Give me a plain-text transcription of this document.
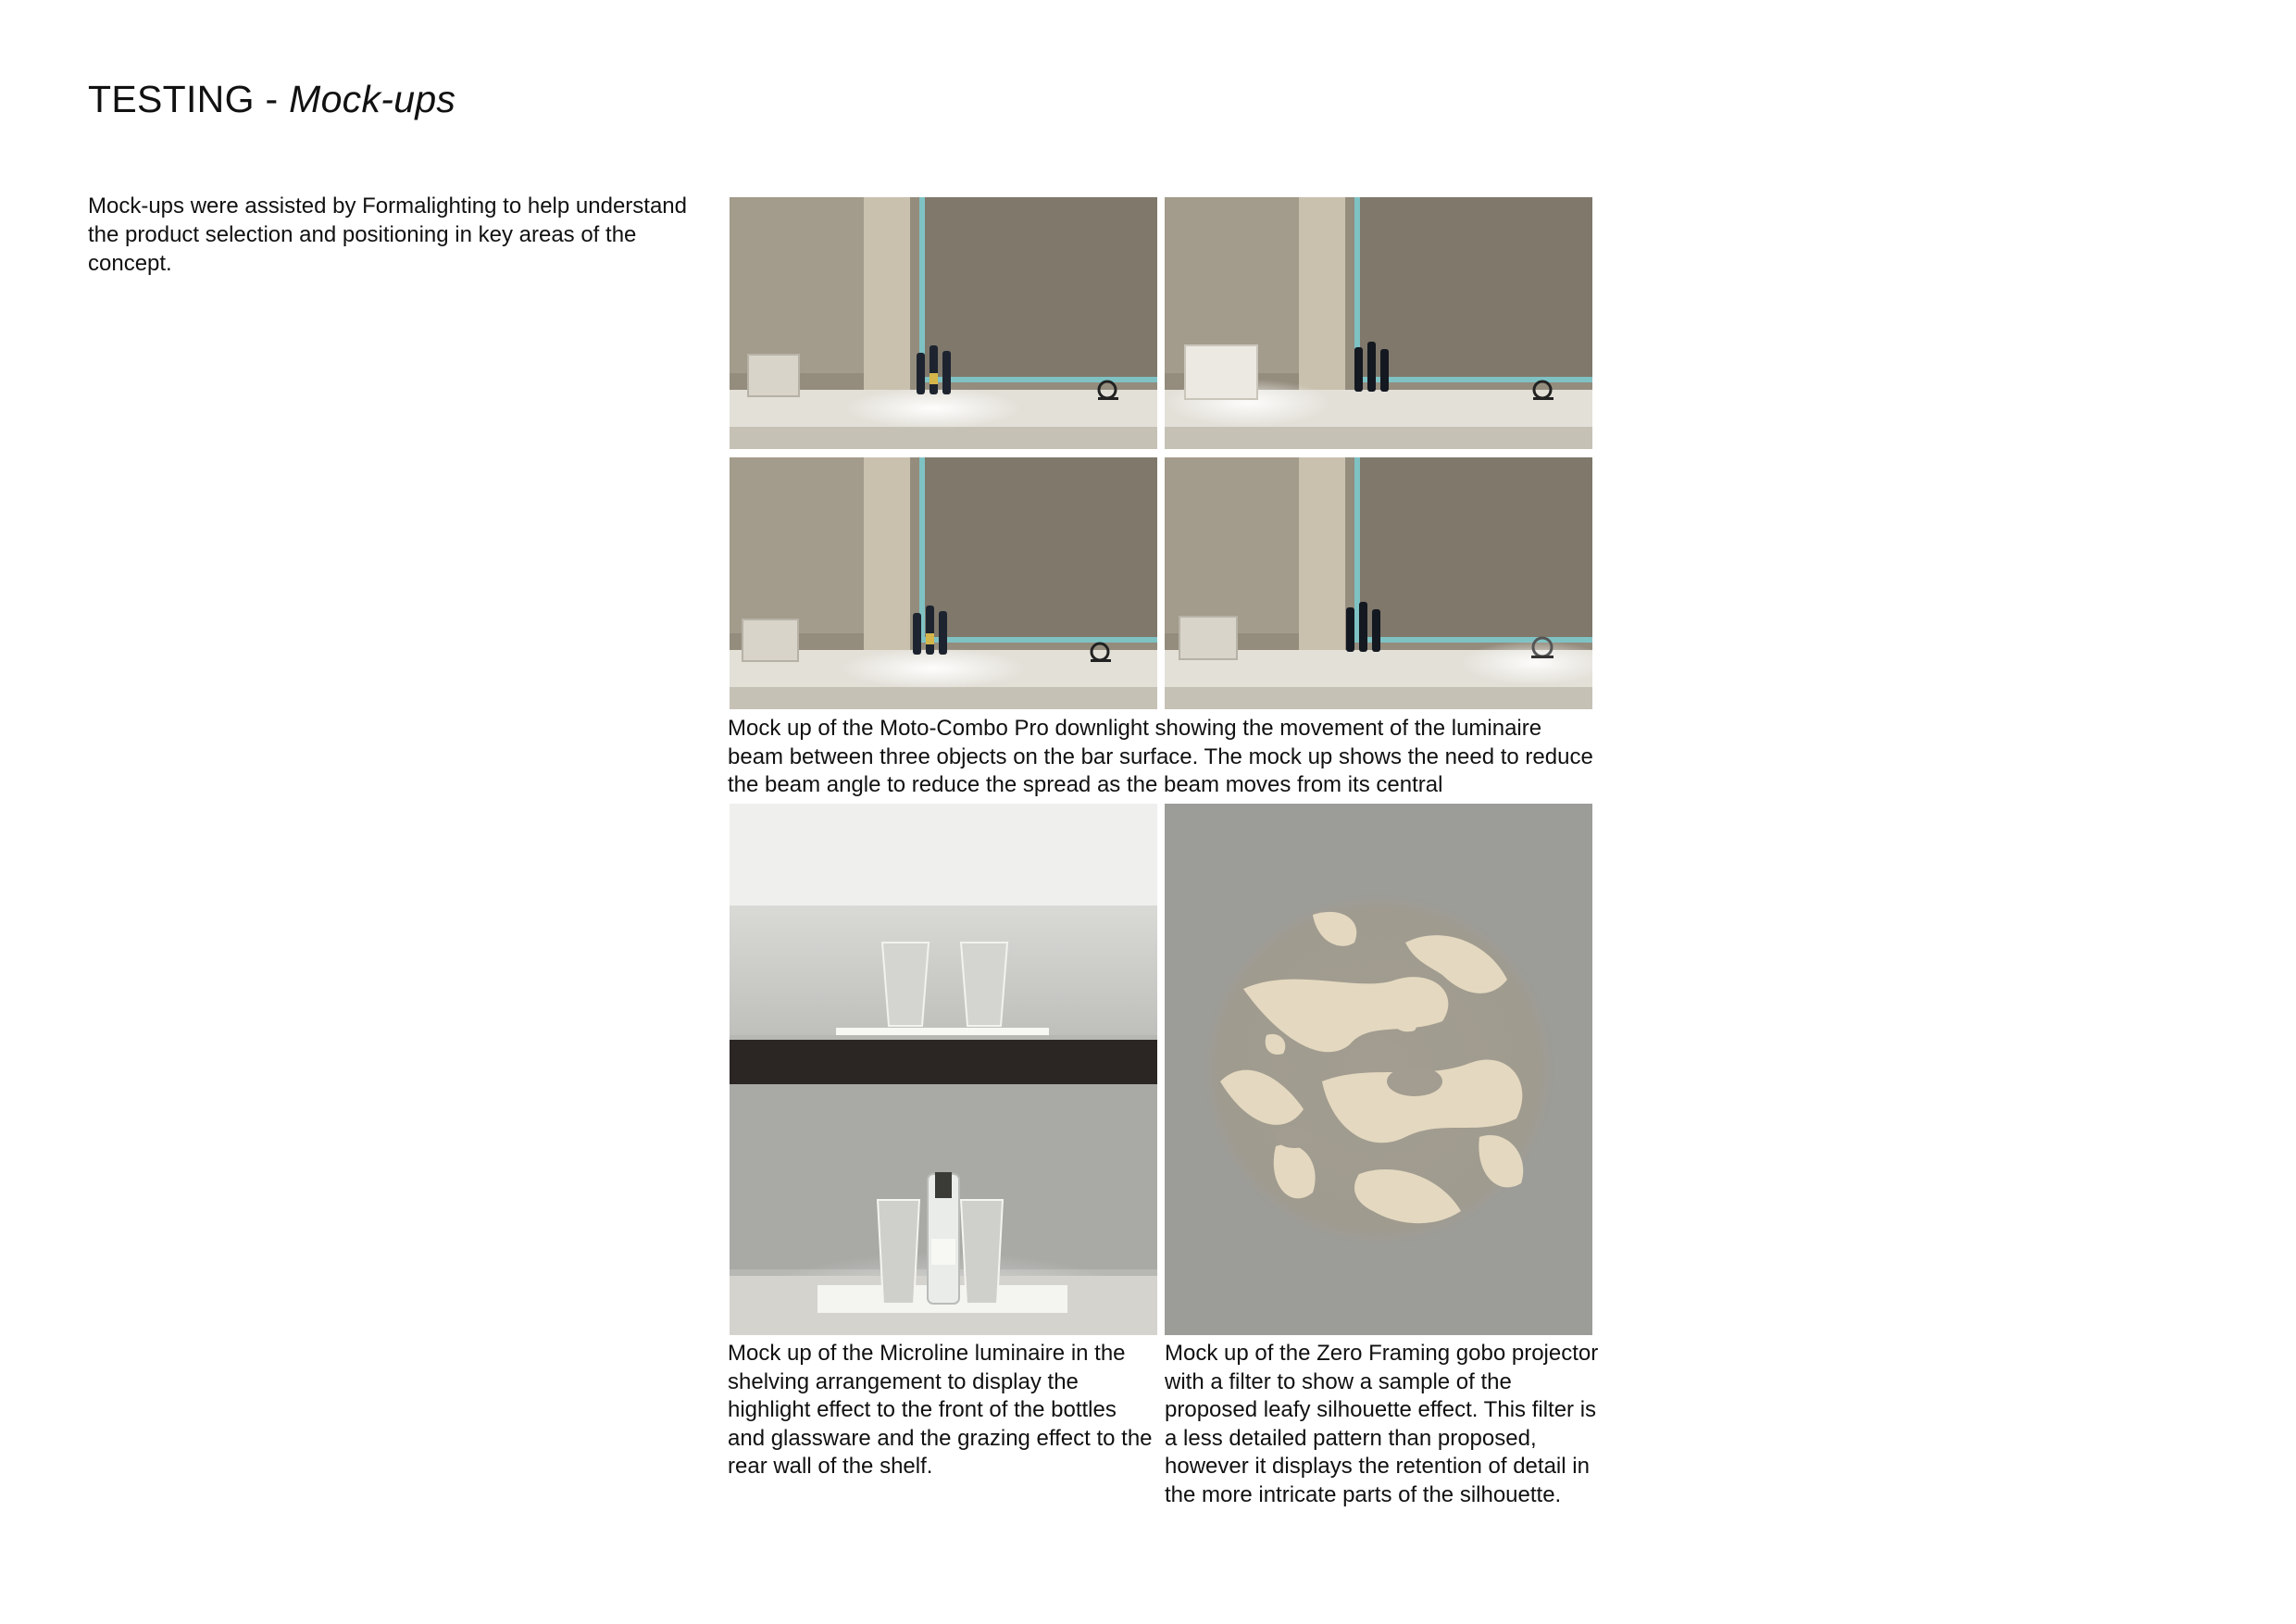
TESTING - Mock-ups
Mock-ups were assisted by Formalighting to help understand the product selection and positioning in key areas of the concept.
Mock up of the Moto-Combo Pro downlight showing the movement of the luminaire beam between three objects on the bar surface. The mock up shows the need to reduce the beam angle to reduce the spread as the beam moves from its central
Mock up of the Microline luminaire in the shelving arrangement to display the highlight effect to the front of the bottles and glassware and the grazing effect to the rear wall of the shelf.
Mock up of the Zero Framing gobo projector with a filter to show a sample of the proposed leafy silhouette effect. This filter is a less detailed pattern than proposed, however it displays the retention of detail in the more intricate parts of the silhouette.
